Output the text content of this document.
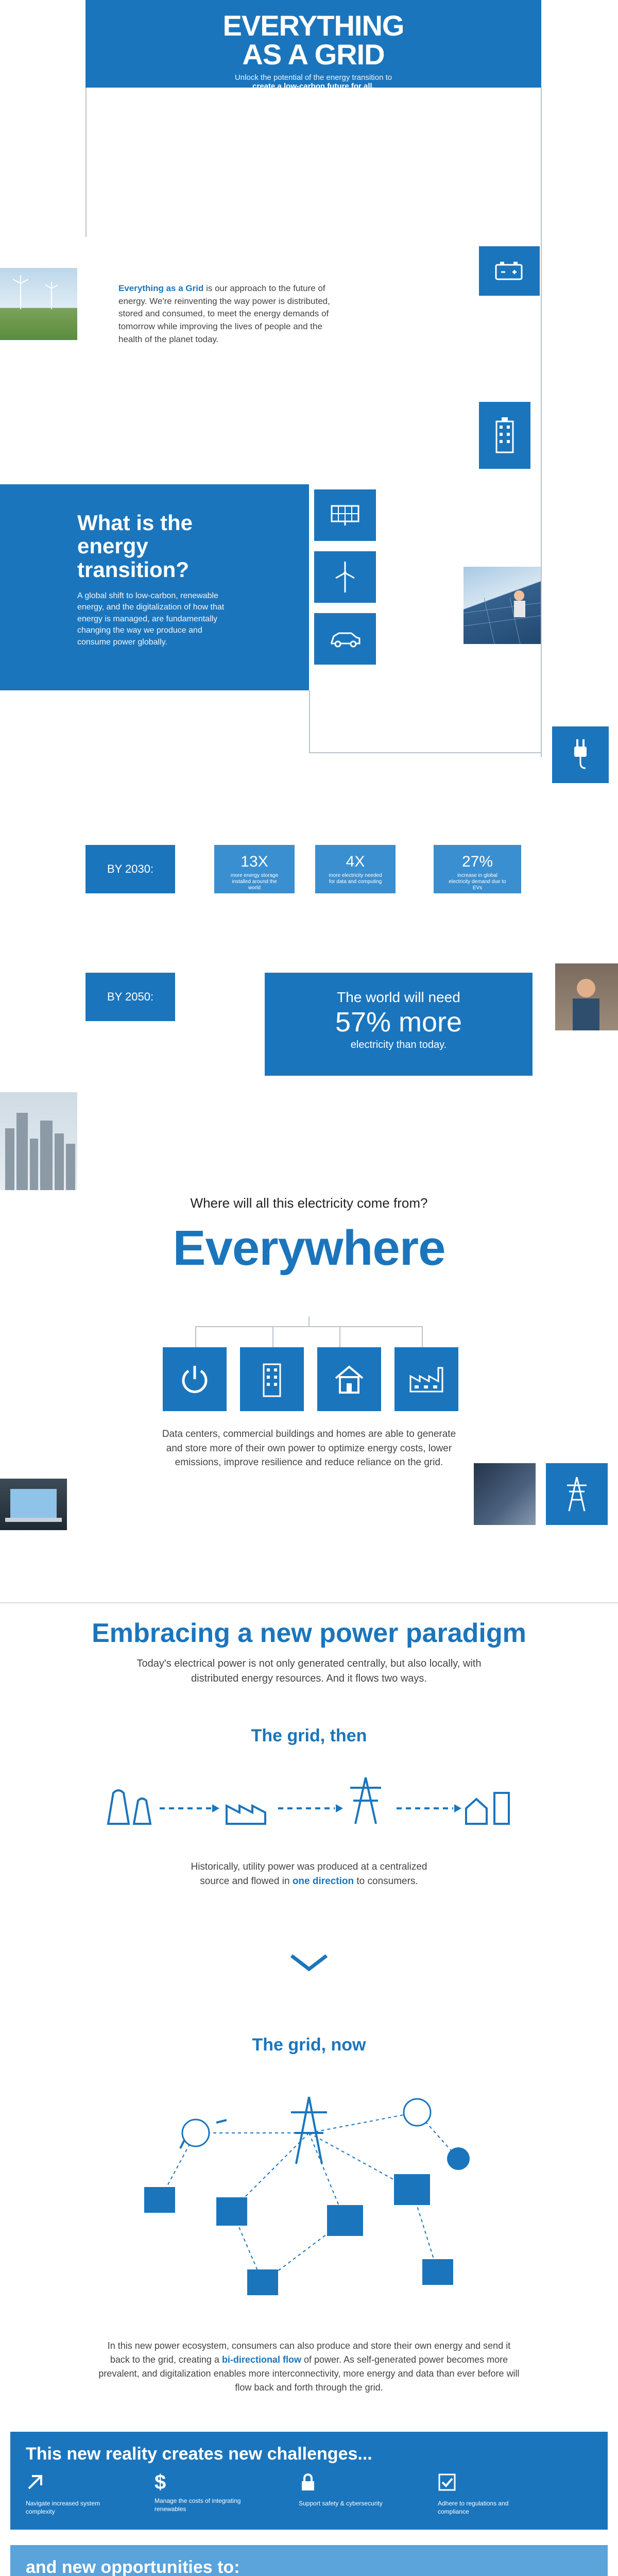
EVERYTHING
AS A GRID
Unlock the potential of the energy transition to
create a low-carbon future for all.
Everything as a Grid is our approach to the future of energy. We're reinventing the way power is distributed, stored and consumed, to meet the energy demands of tomorrow while improving the lives of people and the health of the planet today.
What is the energy transition?
A global shift to low-carbon, renewable energy, and the digitalization of how that energy is managed, are fundamentally changing the way we produce and consume power globally.
BY 2030:	13X
more energy storage installed around the world
4X
more electricity needed for data and computing
27%
increase in global electricity demand due to EVs
BY 2050:	The world will need
57% more
electricity than today.
Where will all this electricity come from?
Everywhere
Data centers, commercial buildings and homes are able to generate and store more of their own power to optimize energy costs, lower emissions, improve resilience and reduce reliance on the grid.
Embracing a new power paradigm
Today's electrical power is not only generated centrally, but also locally, with distributed energy resources. And it flows two ways.
The grid, then
Historically, utility power was produced at a centralized
source and flowed in one direction to consumers.
The grid, now
In this new power ecosystem, consumers can also produce and store their own energy and send it back to the grid, creating a bi-directional flow of power. As self-generated power becomes more prevalent, and digitalization enables more interconnectivity, more energy and data than ever before will flow back and forth through the grid.
This new reality creates new challenges...
Navigate increased system complexity
$
Manage the costs of integrating renewables
Support safety & cybersecurity	Adhere to regulations and compliance
and new opportunities to:
